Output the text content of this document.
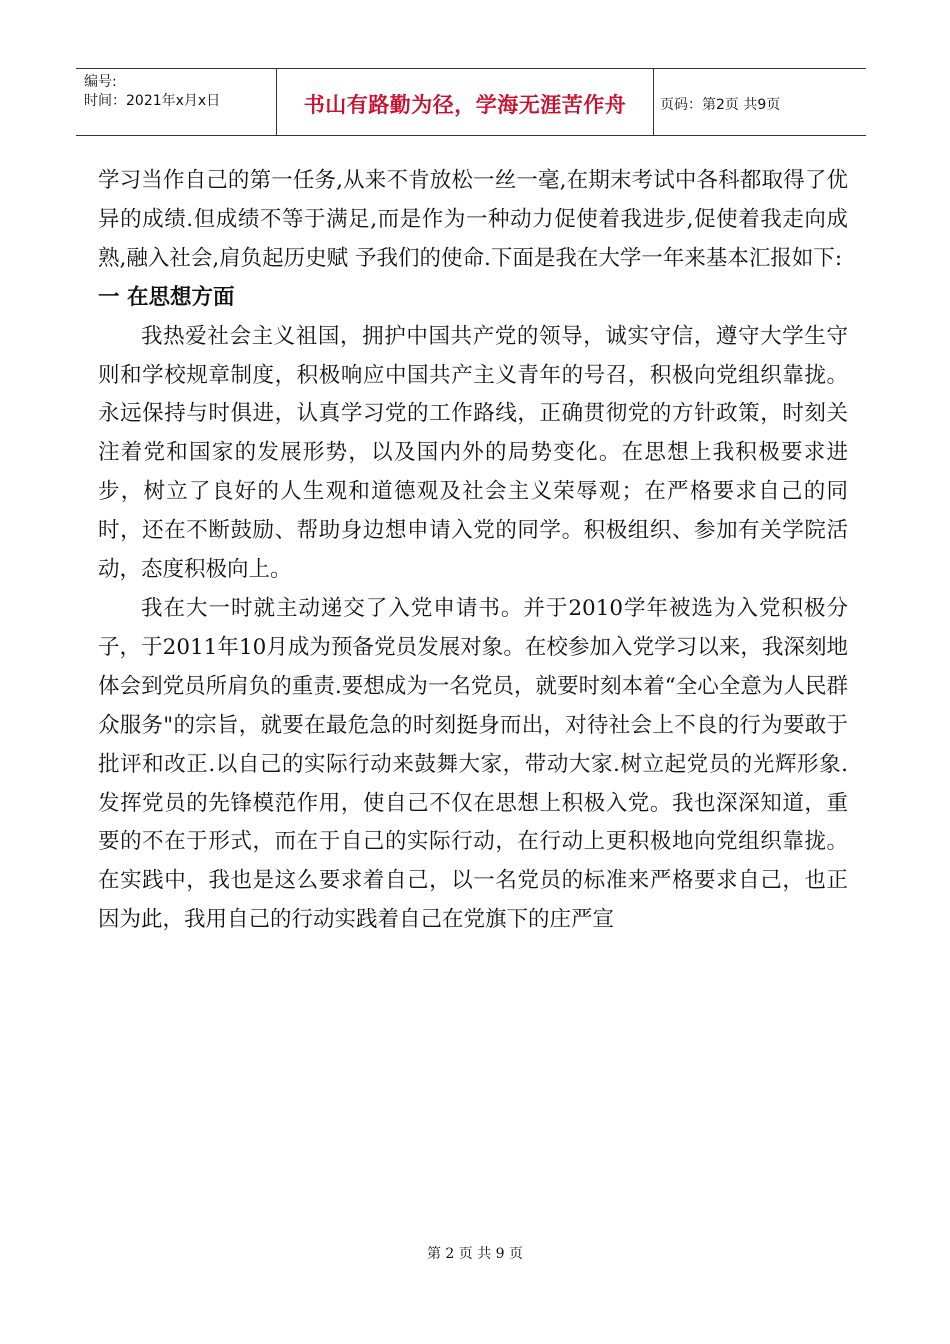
编号:
时间：2021年x月x日	书山有路勤为径，学海无涯苦作舟 页码：第2页 共9页

学习当作自己的第一任务,从来不肯放松一丝一毫,在期末考试中各科都取得了优异的成绩.但成绩不等于满足,而是作为一种动力促使着我进步,促使着我走向成熟,融入社会,肩负起历史赋 予我们的使命.下面是我在大学一年来基本汇报如下:

一 在思想方面

我热爱社会主义祖国，拥护中国共产党的领导，诚实守信，遵守大学生守则和学校规章制度，积极响应中国共产主义青年的号召，积极向党组织靠拢。永远保持与时俱进，认真学习党的工作路线，正确贯彻党的方针政策，时刻关注着党和国家的发展形势，以及国内外的局势变化。在思想上我积极要求进步，树立了良好的人生观和道德观及社会主义荣辱观；在严格要求自己的同时，还在不断鼓励、帮助身边想申请入党的同学。积极组织、参加有关学院活动，态度积极向上。

我在大一时就主动递交了入党申请书。并于2010学年被选为入党积极分子，于2011年10月成为预备党员发展对象。在校参加入党学习以来，我深刻地体会到党员所肩负的重责.要想成为一名党员，就要时刻本着“全心全意为人民群众服务"的宗旨，就要在最危急的时刻挺身而出，对待社会上不良的行为要敢于批评和改正.以自己的实际行动来鼓舞大家，带动大家.树立起党员的光辉形象.发挥党员的先锋模范作用，使自己不仅在思想上积极入党。我也深深知道，重要的不在于形式，而在于自己的实际行动，在行动上更积极地向党组织靠拢。在实践中，我也是这么要求着自己，以一名党员的标准来严格要求自己，也正因为此，我用自己的行动实践着自己在党旗下的庄严宣

第 2 页 共 9 页
